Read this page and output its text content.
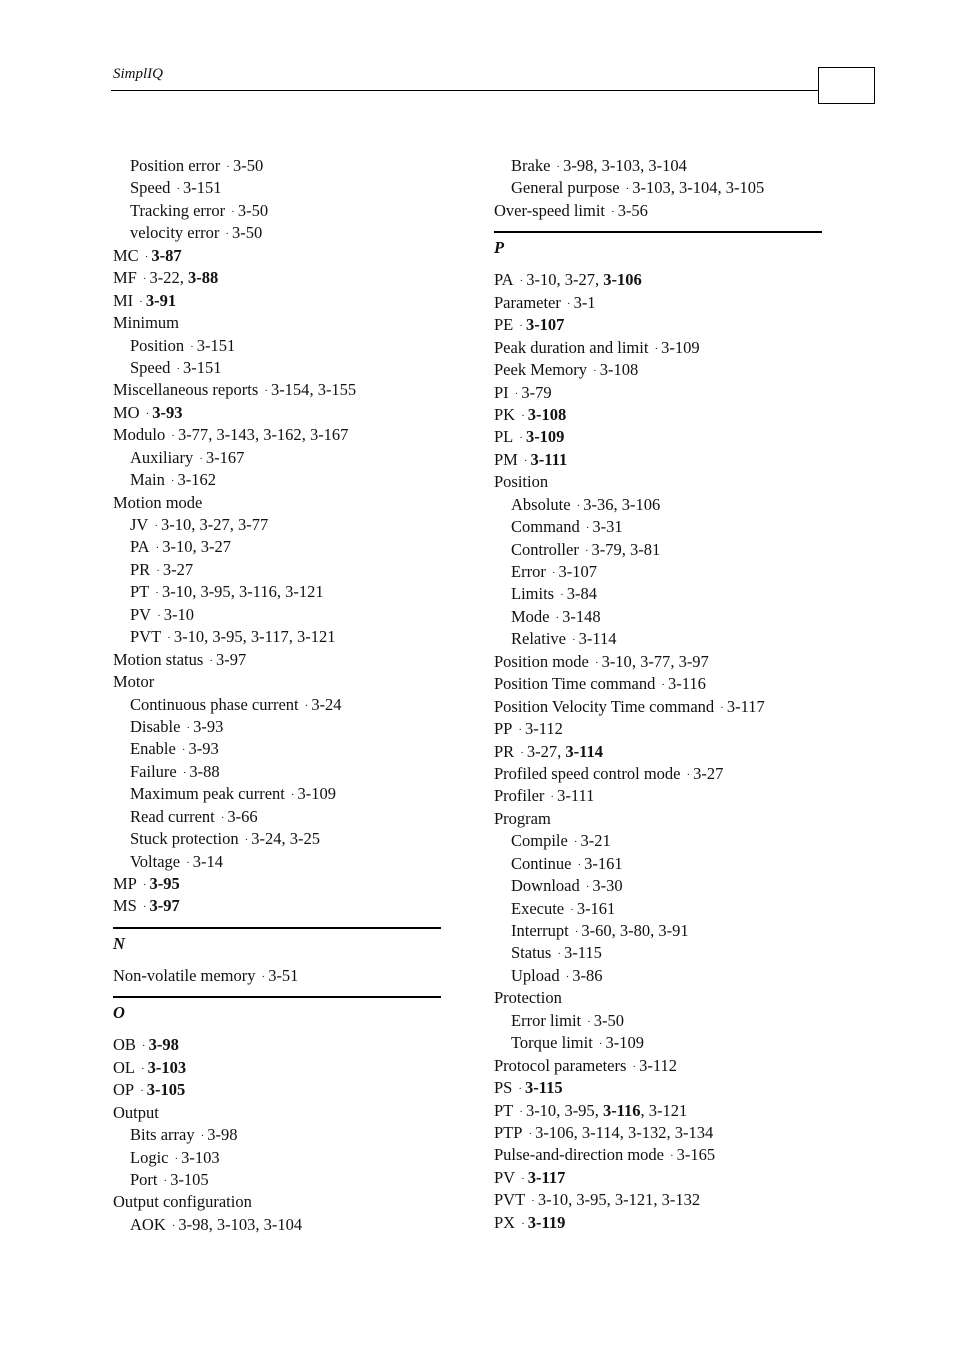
SimplIQ
Position error · 3-50
Speed · 3-151
Tracking error · 3-50
velocity error · 3-50
MC · 3-87
MF · 3-22, 3-88
MI · 3-91
Minimum
Position · 3-151
Speed · 3-151
Miscellaneous reports · 3-154, 3-155
MO · 3-93
Modulo · 3-77, 3-143, 3-162, 3-167
Auxiliary · 3-167
Main · 3-162
Motion mode
JV · 3-10, 3-27, 3-77
PA · 3-10, 3-27
PR · 3-27
PT · 3-10, 3-95, 3-116, 3-121
PV · 3-10
PVT · 3-10, 3-95, 3-117, 3-121
Motion status · 3-97
Motor
Continuous phase current · 3-24
Disable · 3-93
Enable · 3-93
Failure · 3-88
Maximum peak current · 3-109
Read current · 3-66
Stuck protection · 3-24, 3-25
Voltage · 3-14
MP · 3-95
MS · 3-97
N
Non-volatile memory · 3-51
O
OB · 3-98
OL · 3-103
OP · 3-105
Output
Bits array · 3-98
Logic · 3-103
Port · 3-105
Output configuration
AOK · 3-98, 3-103, 3-104
Brake · 3-98, 3-103, 3-104
General purpose · 3-103, 3-104, 3-105
Over-speed limit · 3-56
P
PA · 3-10, 3-27, 3-106
Parameter · 3-1
PE · 3-107
Peak duration and limit · 3-109
Peek Memory · 3-108
PI · 3-79
PK · 3-108
PL · 3-109
PM · 3-111
Position
Absolute · 3-36, 3-106
Command · 3-31
Controller · 3-79, 3-81
Error · 3-107
Limits · 3-84
Mode · 3-148
Relative · 3-114
Position mode · 3-10, 3-77, 3-97
Position Time command · 3-116
Position Velocity Time command · 3-117
PP · 3-112
PR · 3-27, 3-114
Profiled speed control mode · 3-27
Profiler · 3-111
Program
Compile · 3-21
Continue · 3-161
Download · 3-30
Execute · 3-161
Interrupt · 3-60, 3-80, 3-91
Status · 3-115
Upload · 3-86
Protection
Error limit · 3-50
Torque limit · 3-109
Protocol parameters · 3-112
PS · 3-115
PT · 3-10, 3-95, 3-116, 3-121
PTP · 3-106, 3-114, 3-132, 3-134
Pulse-and-direction mode · 3-165
PV · 3-117
PVT · 3-10, 3-95, 3-121, 3-132
PX · 3-119
